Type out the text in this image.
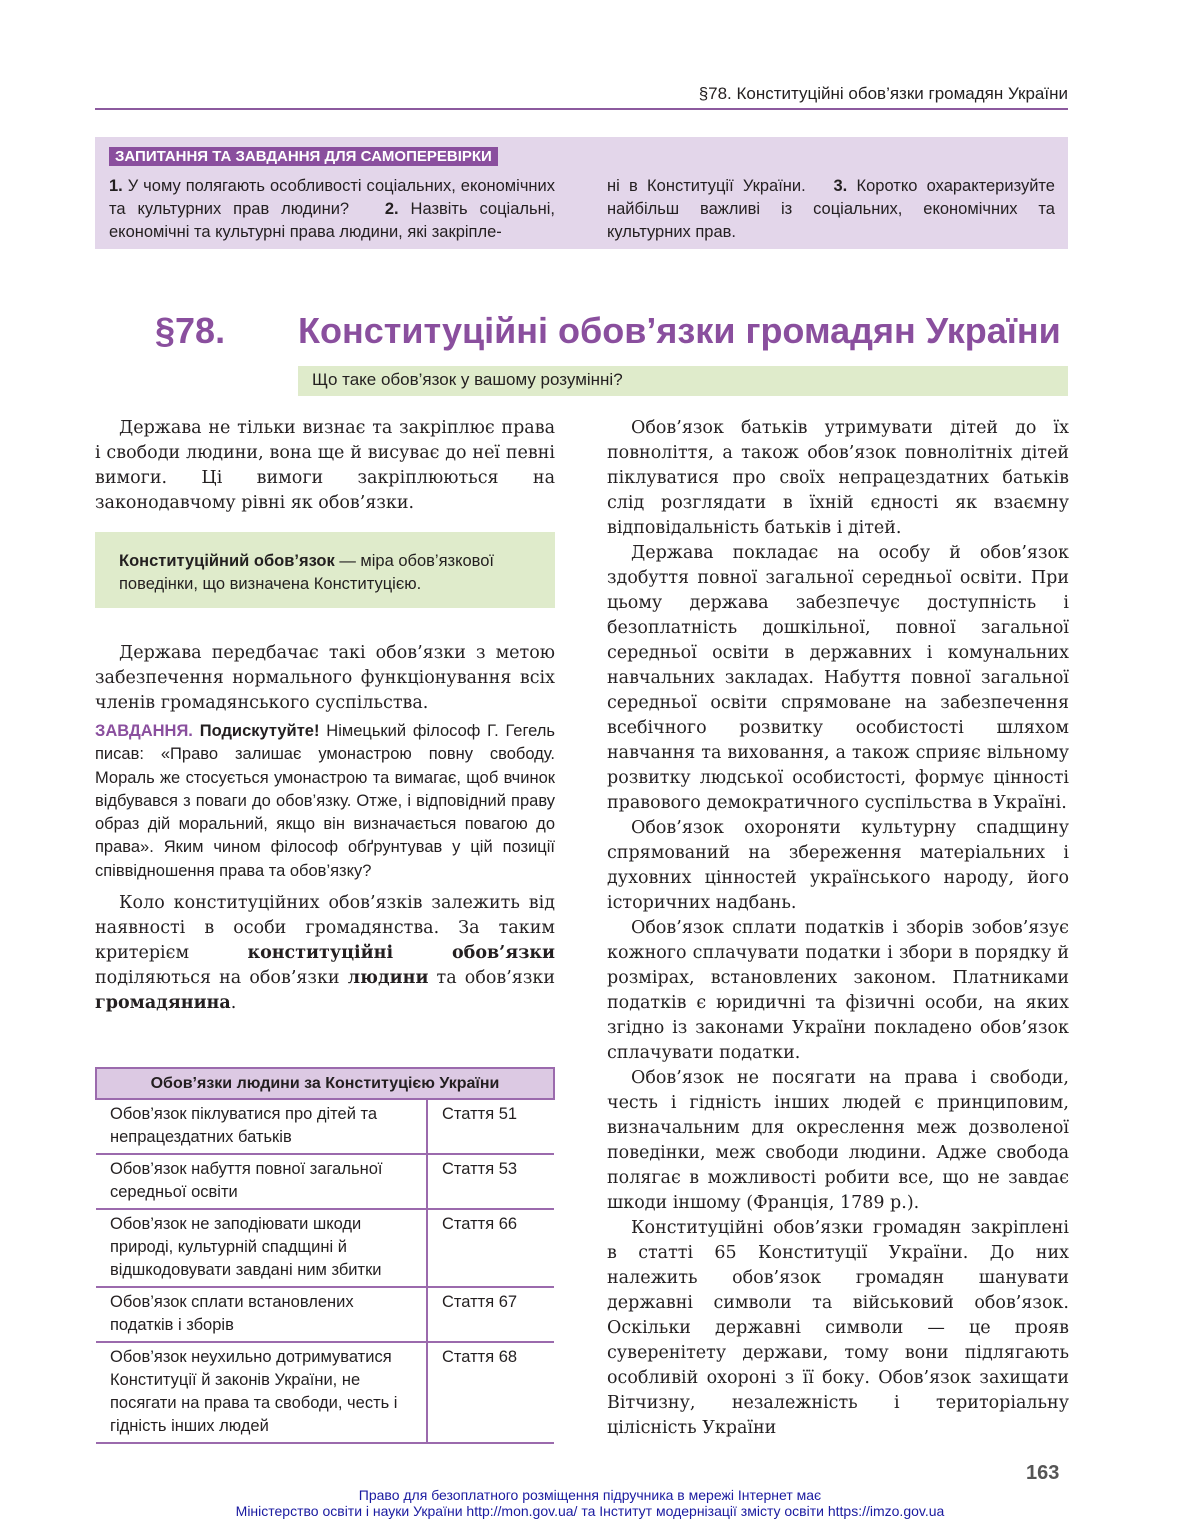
§78. Конституційні обов’язки громадян України
ЗАПИТАННЯ ТА ЗАВДАННЯ ДЛЯ САМОПЕРЕВІРКИ
1. У чому полягають особливості соціальних, економічних та культурних прав людини? 2. Назвіть соціальні, економічні та культурні права людини, які закріпле-
ні в Конституції України. 3. Коротко охарактеризуйте найбільш важливі із соціальних, економічних та культурних прав.
§78. Конституційні обов’язки громадян України
Що таке обов’язок у вашому розумінні?

Держава не тільки визнає та закріплює права і свободи людини, вона ще й висуває до неї певні вимоги. Ці вимоги закріплюються на законодавчому рівні як обов’язки.

Конституційний обов’язок — міра обов’язкової поведінки, що визначена Конституцією.

Держава передбачає такі обов’язки з метою забезпечення нормального функціонування всіх членів громадянського суспільства.

ЗАВДАННЯ. Подискутуйте! Німецький філософ Г. Гегель писав: «Право залишає умонастрою повну свободу. Мораль же стосується умонастрою та вимагає, щоб вчинок відбувався з поваги до обов’язку. Отже, і відповідний праву образ дій моральний, якщо він визначається повагою до права». Яким чином філософ обґрунтував у цій позиції співвідношення права та обов’язку?

Коло конституційних обов’язків залежить від наявності в особи громадянства. За таким критерієм конституційні обов’язки поділяються на обов’язки людини та обов’язки громадянина.

Обов’язки людини за Конституцією України	
Обов’язок піклуватися про дітей та непрацездатних батьків	Стаття 51
Обов’язок набуття повної загальної середньої освіти	Стаття 53
Обов’язок не заподіювати шкоди природі, культурній спадщині й відшкодовувати завдані ним збитки	Стаття 66
Обов’язок сплати встановлених податків і зборів	Стаття 67
Обов’язок неухильно дотримуватися Конституції й законів України, не посягати на права та свободи, честь і гідність інших людей	Стаття 68

Обов’язок батьків утримувати дітей до їх повноліття, а також обов’язок повнолітніх дітей піклуватися про своїх непрацездатних батьків слід розглядати в їхній єдності як взаємну відповідальність батьків і дітей.

Держава покладає на особу й обов’язок здобуття повної загальної середньої освіти. При цьому держава забезпечує доступність і безоплатність дошкільної, повної загальної середньої освіти в державних і комунальних навчальних закладах. Набуття повної загальної середньої освіти спрямоване на забезпечення всебічного розвитку особистості шляхом навчання та виховання, а також сприяє вільному розвитку людської особистості, формує цінності правового демократичного суспільства в Україні.

Обов’язок охороняти культурну спадщину спрямований на збереження матеріальних і духовних цінностей українського народу, його історичних надбань.

Обов’язок сплати податків і зборів зобов’язує кожного сплачувати податки і збори в порядку й розмірах, встановлених законом. Платниками податків є юридичні та фізичні особи, на яких згідно із законами України покладено обов’язок сплачувати податки.

Обов’язок не посягати на права і свободи, честь і гідність інших людей є принциповим, визначальним для окреслення меж дозволеної поведінки, меж свободи людини. Адже свобода полягає в можливості робити все, що не завдає шкоди іншому (Франція, 1789 р.).

Конституційні обов’язки громадян закріплені в статті 65 Конституції України. До них належить обов’язок громадян шанувати державні символи та військовий обов’язок. Оскільки державні символи — це прояв суверенітету держави, тому вони підлягають особливій охороні з її боку. Обов’язок захищати Вітчизну, незалежність і територіальну цілісність України

163
Право для безоплатного розміщення підручника в мережі Інтернет має
Міністерство освіти і науки України http://mon.gov.ua/ та Інститут модернізації змісту освіти https://imzo.gov.ua
